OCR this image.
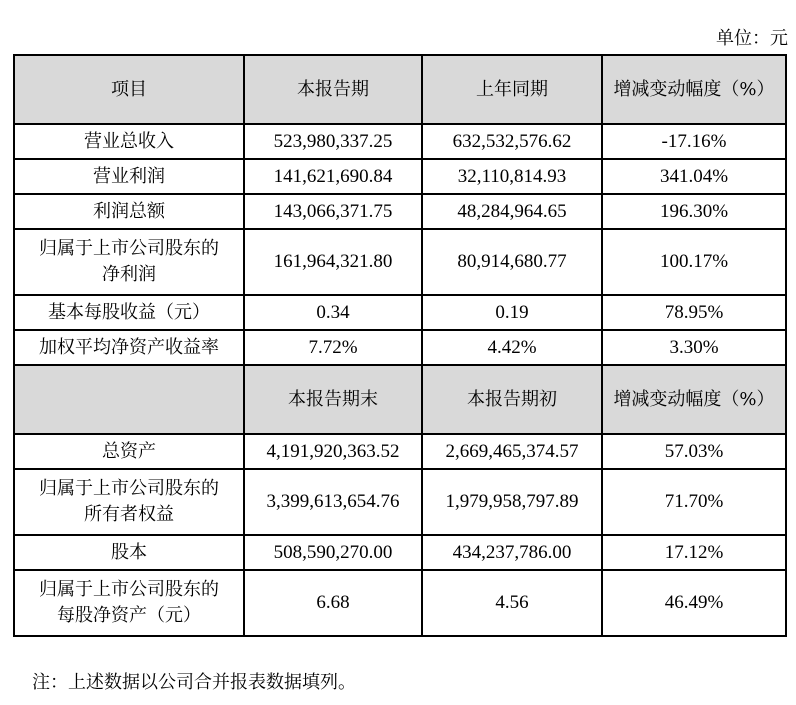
单位：元
项目	本报告期	上年同期	增减变动幅度（%）
营业总收入	523,980,337.25	632,532,576.62	-17.16%
营业利润	141,621,690.84	32,110,814.93	341.04%
利润总额	143,066,371.75	48,284,964.65	196.30%

归属于上市公司股东的
净利润	161,964,321.80	80,914,680.77	100.17%
基本每股收益（元）	0.34	0.19	78.95%
加权平均净资产收益率	7.72%	4.42%	3.30%
	本报告期末	本报告期初	增减变动幅度（%）
总资产	4,191,920,363.52	2,669,465,374.57	57.03%

归属于上市公司股东的
所有者权益	3,399,613,654.76	1,979,958,797.89	71.70%
股本	508,590,270.00	434,237,786.00	17.12%

归属于上市公司股东的
每股净资产（元）	6.68	4.56	46.49%
注：上述数据以公司合并报表数据填列。
